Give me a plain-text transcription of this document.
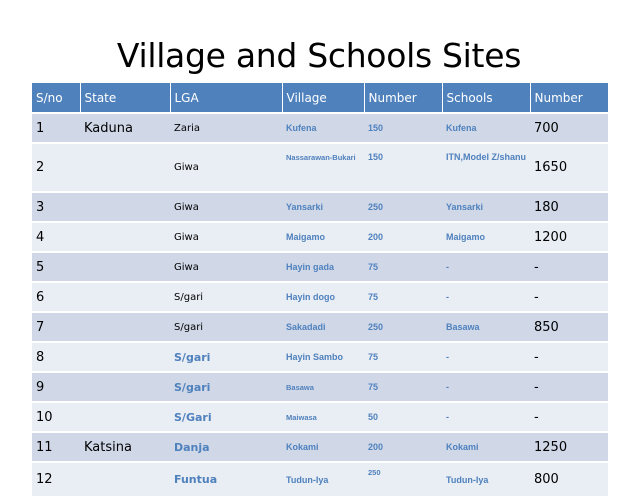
Village and Schools Sites
S/no	State	LGA	Village	Number	Schools	Number
1	Kaduna	Zaria	Kufena	150	Kufena	700
2		Giwa	Nassarawan-Bukari	150	ITN,Model Z/shanu	1650
3		Giwa	Yansarki	250	Yansarki	180
4		Giwa	Maigamo	200	Maigamo	1200
5		Giwa	Hayin gada	75	-	-
6		S/gari	Hayin dogo	75	-	-
7		S/gari	Sakadadi	250	Basawa	850
8		S/gari	Hayin Sambo	75	-	-
9		S/gari	Basawa	75	-	-
10		S/Gari	Maiwasa	50	-	-
11	Katsina	Danja	Kokami	200	Kokami	1250
12		Funtua	Tudun-Iya	250	Tudun-Iya	800
